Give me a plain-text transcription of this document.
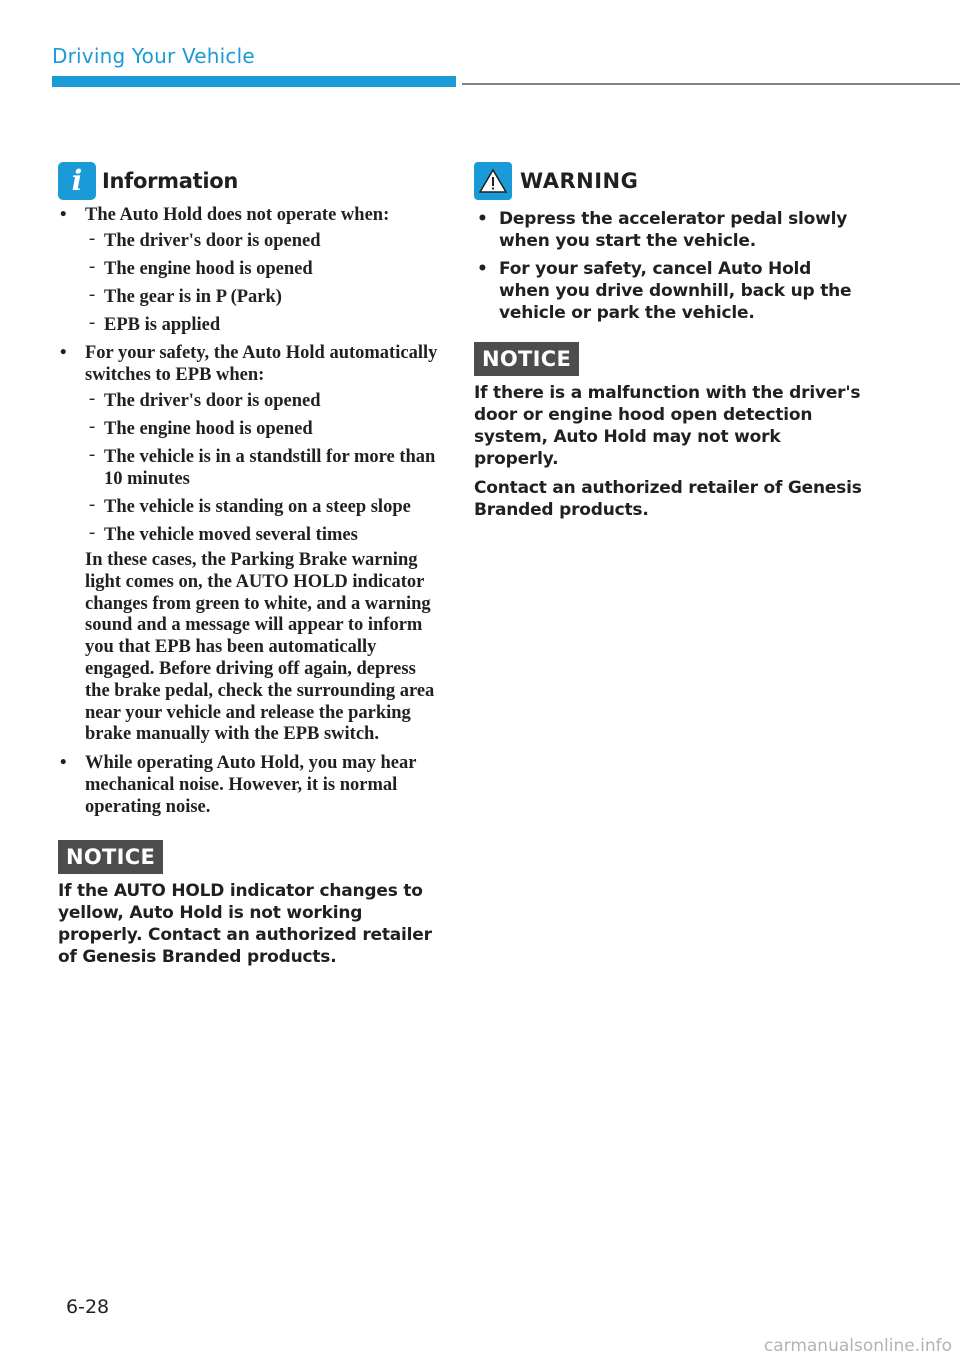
Driving Your Vehicle
i Information
• The Auto Hold does not operate when:
- The driver's door is opened
- The engine hood is opened
- The gear is in P (Park)
- EPB is applied
• For your safety, the Auto Hold automatically switches to EPB when:
- The driver's door is opened
- The engine hood is opened
- The vehicle is in a standstill for more than 10 minutes
- The vehicle is standing on a steep slope
- The vehicle moved several times

In these cases, the Parking Brake warning light comes on, the AUTO HOLD indicator changes from green to white, and a warning sound and a message will appear to inform you that EPB has been automatically engaged. Before driving off again, depress the brake pedal, check the surrounding area near your vehicle and release the parking brake manually with the EPB switch.

• While operating Auto Hold, you may hear mechanical noise. However, it is normal operating noise.
NOTICE

If the AUTO HOLD indicator changes to yellow, Auto Hold is not working properly. Contact an authorized retailer of Genesis Branded products.

WARNING
• Depress the accelerator pedal slowly when you start the vehicle.
• For your safety, cancel Auto Hold when you drive downhill, back up the vehicle or park the vehicle.
NOTICE

If there is a malfunction with the driver's door or engine hood open detection system, Auto Hold may not work properly.

Contact an authorized retailer of Genesis Branded products.

6-28
carmanualsonline.info
